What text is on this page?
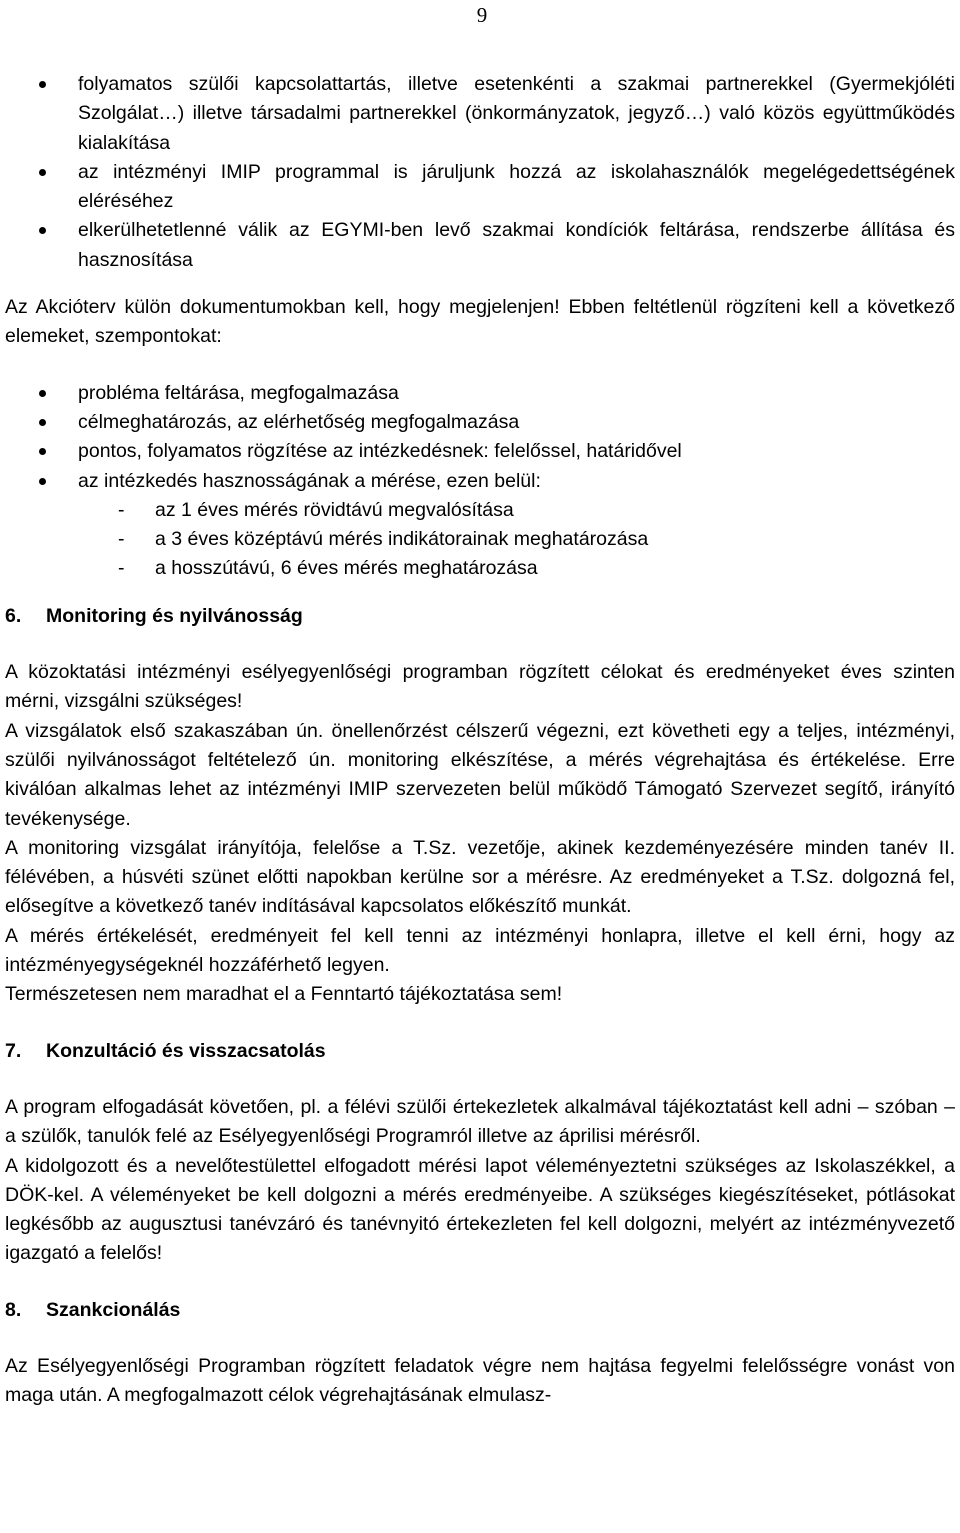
9
folyamatos szülői kapcsolattartás, illetve esetenkénti a szakmai partnerekkel (Gyermekjóléti Szolgálat…) illetve társadalmi partnerekkel (önkormányzatok, jegyző…) való közös együttműködés kialakítása
az intézményi IMIP programmal is járuljunk hozzá az iskolahasználók megelégedettségének eléréséhez
elkerülhetetlenné válik az EGYMI-ben levő szakmai kondíciók feltárása, rendszerbe állítása és hasznosítása

Az Akcióterv külön dokumentumokban kell, hogy megjelenjen! Ebben feltétlenül rögzíteni kell a következő elemeket, szempontokat:

probléma feltárása, megfogalmazása
célmeghatározás, az elérhetőség megfogalmazása
pontos, folyamatos rögzítése az intézkedésnek: felelőssel, határidővel
az intézkedés hasznosságának a mérése, ezen belül:
- az 1 éves mérés rövidtávú megvalósítása
- a 3 éves középtávú mérés indikátorainak meghatározása
- a hosszútávú, 6 éves mérés meghatározása

6. Monitoring és nyilvánosság

A közoktatási intézményi esélyegyenlőségi programban rögzített célokat és eredményeket éves szinten mérni, vizsgálni szükséges!

A vizsgálatok első szakaszában ún. önellenőrzést célszerű végezni, ezt követheti egy a teljes, intézményi, szülői nyilvánosságot feltételező ún. monitoring elkészítése, a mérés végrehajtása és értékelése. Erre kiválóan alkalmas lehet az intézményi IMIP szervezeten belül működő Támogató Szervezet segítő, irányító tevékenysége.

A monitoring vizsgálat irányítója, felelőse a T.Sz. vezetője, akinek kezdeményezésére minden tanév II. félévében, a húsvéti szünet előtti napokban kerülne sor a mérésre. Az eredményeket a T.Sz. dolgozná fel, elősegítve a következő tanév indításával kapcsolatos előkészítő munkát.

A mérés értékelését, eredményeit fel kell tenni az intézményi honlapra, illetve el kell érni, hogy az intézményegységeknél hozzáférhető legyen.

Természetesen nem maradhat el a Fenntartó tájékoztatása sem!

7. Konzultáció és visszacsatolás

A program elfogadását követően, pl. a félévi szülői értekezletek alkalmával tájékoztatást kell adni – szóban – a szülők, tanulók felé az Esélyegyenlőségi Programról illetve az áprilisi mérésről.

A kidolgozott és a nevelőtestülettel elfogadott mérési lapot véleményeztetni szükséges az Iskolaszékkel, a DÖK-kel. A véleményeket be kell dolgozni a mérés eredményeibe. A szükséges kiegészítéseket, pótlásokat legkésőbb az augusztusi tanévzáró és tanévnyitó értekezleten fel kell dolgozni, melyért az intézményvezető igazgató a felelős!

8. Szankcionálás

Az Esélyegyenlőségi Programban rögzített feladatok végre nem hajtása fegyelmi felelősségre vonást von maga után. A megfogalmazott célok végrehajtásának elmulasz-
